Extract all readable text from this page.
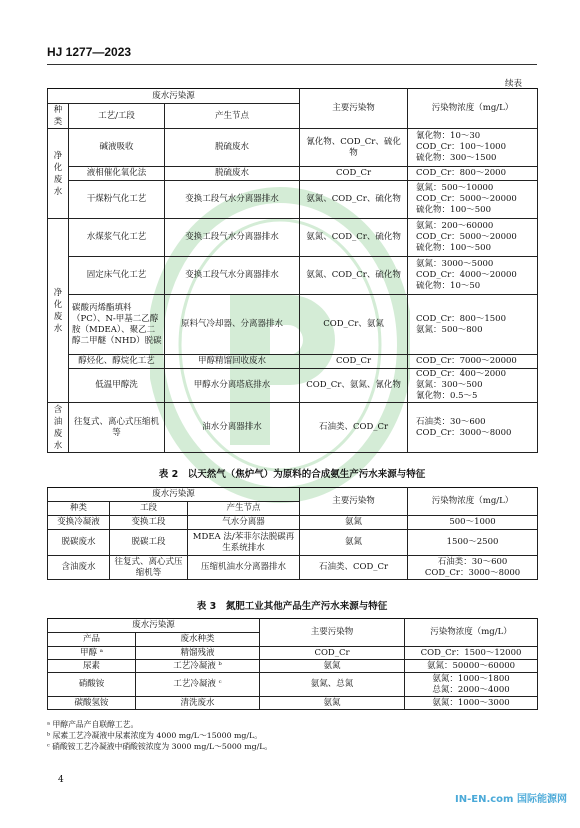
HJ 1277—2023
续表
废水污染源			主要污染物	污染物浓度（mg/L）
种类	工艺/工段	产生节点		
净化废水	碱液吸收	脱硫废水	氰化物、COD_Cr、硫化物	氰化物：10～30
COD_Cr：100～1000
硫化物：300～1500
	液相催化氧化法	脱硫废水	COD_Cr	COD_Cr：800～2000
	干煤粉气化工艺	变换工段气水分离器排水	氨氮、COD_Cr、硫化物	氨氮：500～10000
COD_Cr：5000～20000
硫化物：100～500
净化废水	水煤浆气化工艺	变换工段气水分离器排水	氨氮、COD_Cr、硫化物	氨氮：200～60000
COD_Cr：5000～20000
硫化物：100～500
	固定床气化工艺	变换工段气水分离器排水	氨氮、COD_Cr、硫化物	氨氮：3000～5000
COD_Cr：4000～20000
硫化物：10～50
	碳酸丙烯酯填料（PC）、N-甲基二乙醇胺（MDEA）、聚乙二醇二甲醚（NHD）脱碳	原料气冷却器、分离器排水	COD_Cr、氨氮	COD_Cr：800～1500
氨氮：500～800
	醇烃化、醇烷化工艺	甲醇精馏回收废水	COD_Cr	COD_Cr：7000～20000
	低温甲醇洗	甲醇水分离塔底排水	COD_Cr、氨氮、氰化物	COD_Cr：400～2000
氨氮：300～500
氰化物：0.5～5
含油废水	往复式、离心式压缩机等	油水分离器排水	石油类、COD_Cr	石油类：30～600
COD_Cr：3000～8000
表 2　以天然气（焦炉气）为原料的合成氨生产污水来源与特征
废水污染源			主要污染物	污染物浓度（mg/L）
种类	工段	产生节点		
变换冷凝液	变换工段	气水分离器	氨氮	500～1000
脱碳废水	脱碳工段	MDEA 法/苯菲尔法脱碳再生系统排水	氨氮	1500～2500
含油废水	往复式、离心式压缩机等	压缩机油水分离器排水	石油类、COD_Cr	石油类：30～600
COD_Cr：3000～8000
表 3　氮肥工业其他产品生产污水来源与特征
废水污染源		主要污染物	污染物浓度（mg/L）
产品	废水种类		
甲醇 ᵃ	精馏残液	COD_Cr	COD_Cr：1500～12000
尿素	工艺冷凝液 ᵇ	氨氮	氨氮：50000～60000
硝酸铵	工艺冷凝液 ᶜ	氨氮、总氮	氨氮：1000～1800
总氮：2000～4000
碳酸氢铵	清洗废水	氨氮	氨氮：1000～3000
ᵃ 甲醇产品产自联醇工艺。
ᵇ 尿素工艺冷凝液中尿素浓度为 4000 mg/L～15000 mg/L。
ᶜ 硝酸铵工艺冷凝液中硝酸铵浓度为 3000 mg/L～5000 mg/L。
4
IN-EN.com 国际能源网
